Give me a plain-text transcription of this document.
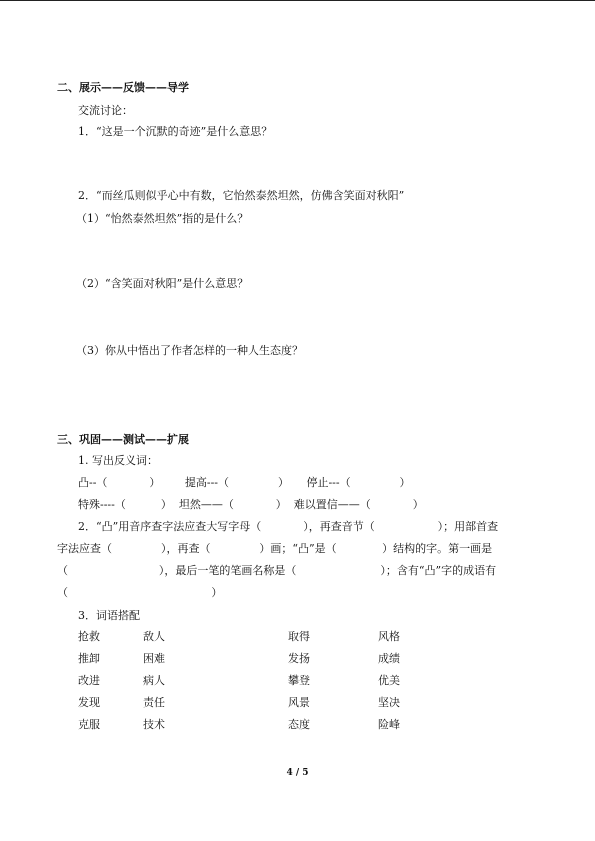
二、展示——反馈——导学
交流讨论：
1．“这是一个沉默的奇迹”是什么意思？
2．“而丝瓜则似乎心中有数，它怡然泰然坦然，仿佛含笑面对秋阳”
（1）“怡然泰然坦然”指的是什么？
（2）“含笑面对秋阳”是什么意思？
（3）你从中悟出了作者怎样的一种人生态度？
三、巩固——测试——扩展
1. 写出反义词：
凸--（            ）       提高---（              ）     停止---（              ）
特殊----（          ）  坦然——（            ）  难以置信——（            ）
2．“凸”用音序查字法应查大写字母（            ），再查音节（                  ）；用部首查
字法应查（              ），再查（              ）画；“凸”是（             ）结构的字。第一画是
（                          ），最后一笔的笔画名称是（                        ）；含有“凸”字的成语有
（                                         ）
3．词语搭配
抢救
推卸
改进
发现
克服
敌人
困难
病人
责任
技术
取得
发扬
攀登
风景
态度
风格
成绩
优美
坚决
险峰
4 / 5
